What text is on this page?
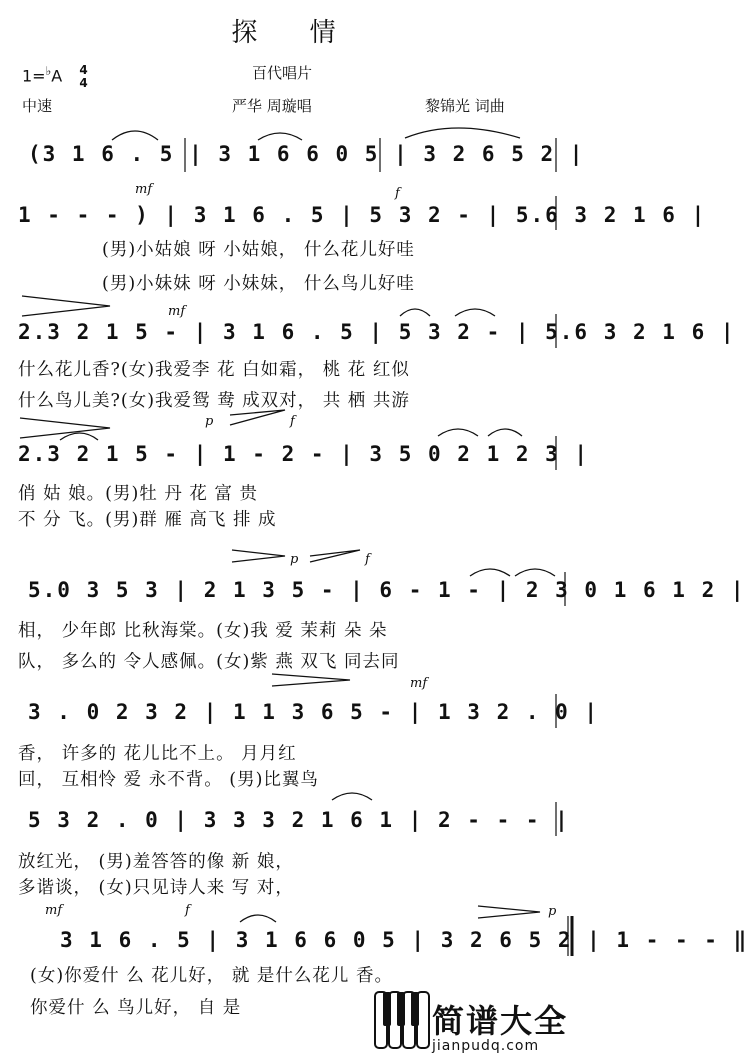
探 情
百代唱片
1=♭A 4
4
中速	严华 周璇唱	黎锦光 词曲
(3 1 6 . 5 | 3 1 6 6 0 5 | 3 2 6 5 2 |
1 - - - ) | 3 1 6 . 5 | 5 3 2 - | 5.6 3 2 1 6 |
(男)小姑娘 呀 小姑娘， 什么花儿好哇
(男)小妹妹 呀 小妹妹， 什么鸟儿好哇
2.3 2 1 5 - | 3 1 6 . 5 | 5 3 2 - | 5.6 3 2 1 6 |
什么花儿香?(女)我爱李 花 白如霜， 桃 花 红似
什么鸟儿美?(女)我爱鸳 鸯 成双对， 共 栖 共游
2.3 2 1 5 - | 1 - 2 - | 3 5 0 2 1 2 3 |
俏 姑 娘。(男)牡 丹 花 富 贵
不 分 飞。(男)群 雁 高飞 排 成
5.0 3 5 3 | 2 1 3 5 - | 6 - 1 - | 2 3 0 1 6 1 2 |
相， 少年郎 比秋海棠。(女)我 爱 茉莉 朵 朵
队， 多么的 令人感佩。(女)紫 燕 双飞 同去同
3 . 0 2 3 2 | 1 1 3 6 5 - | 1 3 2 . 0 |
香， 许多的 花儿比不上。 月月红
回， 互相怜 爱 永不背。 (男)比翼鸟
5 3 2 . 0 | 3 3 3 2 1 6 1 | 2 - - - |
放红光， (男)羞答答的像 新 娘，
多谐谈， (女)只见诗人来 写 对，
3 1 6 . 5 | 3 1 6 6 0 5 | 3 2 6 5 2 | 1 - - - ‖
(女)你爱什 么 花儿好， 就 是什么花儿 香。
你爱什 么 鸟儿好， 自 是
mf	f
mf
p	f
p	f
mf
mf	f	p
简谱大全
jianpudq.com
